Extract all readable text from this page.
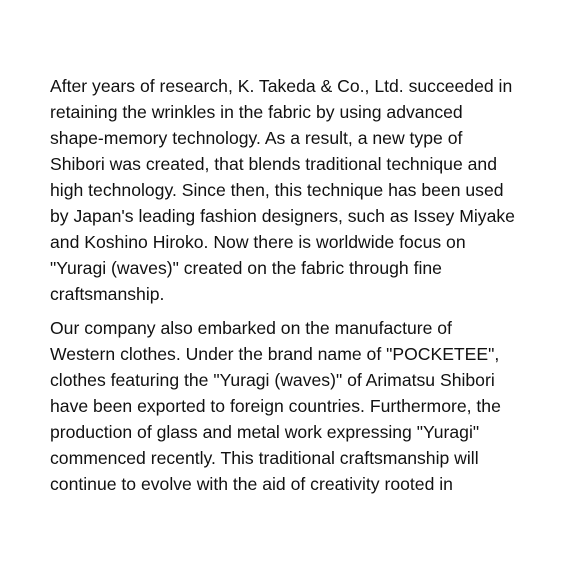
After years of research, K. Takeda & Co., Ltd. succeeded in
retaining the wrinkles in the fabric by using advanced
shape-memory technology. As a result, a new type of
Shibori was created, that blends traditional technique and
high technology. Since then, this technique has been used
by Japan's leading fashion designers, such as Issey Miyake
and Koshino Hiroko. Now there is worldwide focus on
"Yuragi (waves)" created on the fabric through fine
craftsmanship.

Our company also embarked on the manufacture of
Western clothes. Under the brand name of "POCKETEE",
clothes featuring the "Yuragi (waves)" of Arimatsu Shibori
have been exported to foreign countries. Furthermore, the
production of glass and metal work expressing "Yuragi"
commenced recently. This traditional craftsmanship will
continue to evolve with the aid of creativity rooted in
